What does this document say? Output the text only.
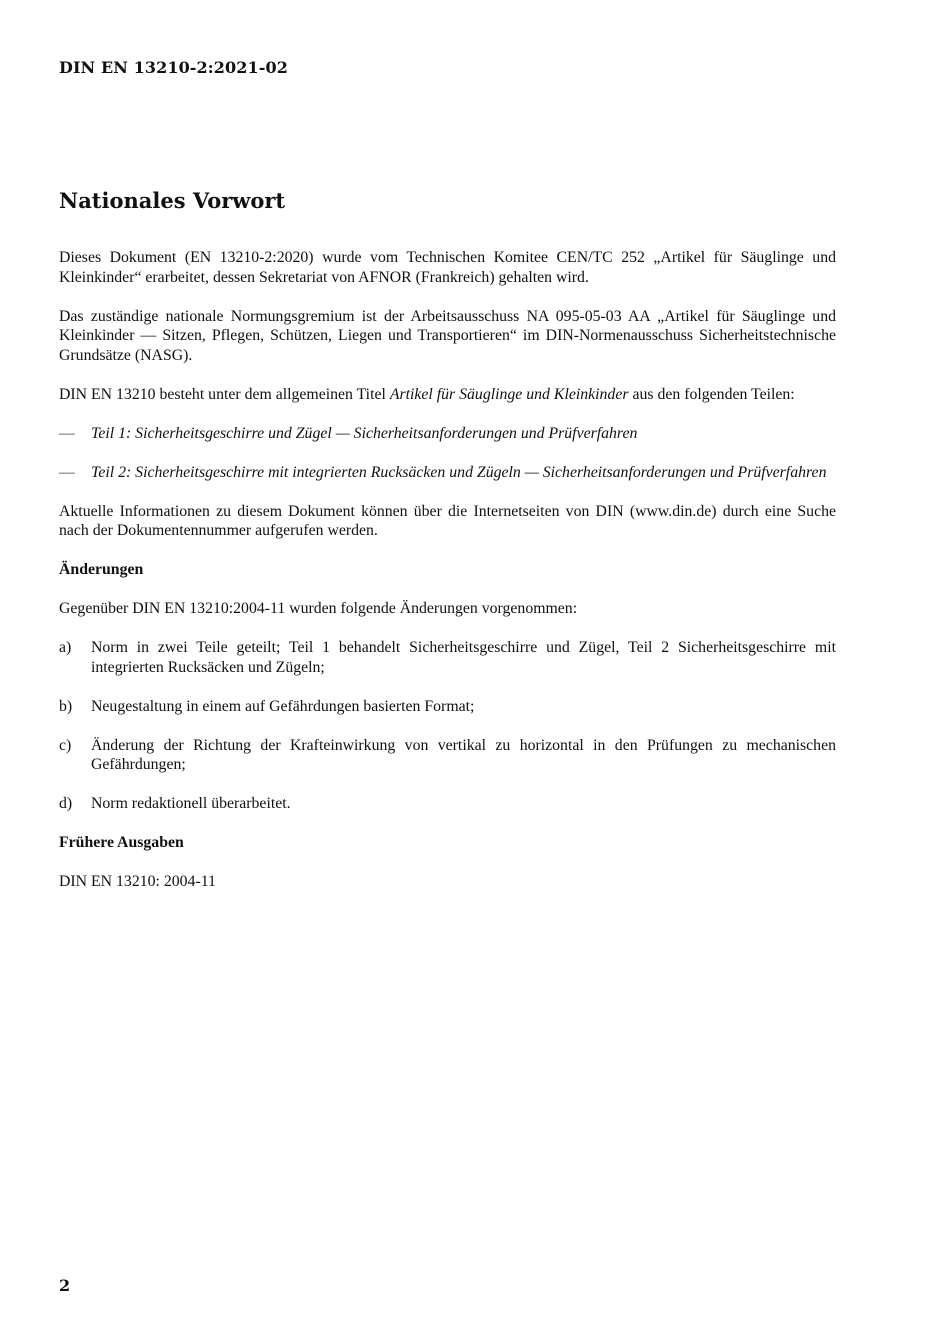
DIN EN 13210-2:2021-02
Nationales Vorwort

Dieses Dokument (EN 13210-2:2020) wurde vom Technischen Komitee CEN/TC 252 „Artikel für Säuglinge und Kleinkinder“ erarbeitet, dessen Sekretariat von AFNOR (Frankreich) gehalten wird.

Das zuständige nationale Normungsgremium ist der Arbeitsausschuss NA 095-05-03 AA „Artikel für Säuglinge und Kleinkinder — Sitzen, Pflegen, Schützen, Liegen und Transportieren“ im DIN-Normenausschuss Sicherheitstechnische Grundsätze (NASG).

DIN EN 13210 besteht unter dem allgemeinen Titel Artikel für Säuglinge und Kleinkinder aus den folgenden Teilen:

— Teil 1: Sicherheitsgeschirre und Zügel — Sicherheitsanforderungen und Prüfverfahren
— Teil 2: Sicherheitsgeschirre mit integrierten Rucksäcken und Zügeln — Sicherheitsanforderungen und Prüfverfahren

Aktuelle Informationen zu diesem Dokument können über die Internetseiten von DIN (www.din.de) durch eine Suche nach der Dokumentennummer aufgerufen werden.

Änderungen

Gegenüber DIN EN 13210:2004-11 wurden folgende Änderungen vorgenommen:

a) Norm in zwei Teile geteilt; Teil 1 behandelt Sicherheitsgeschirre und Zügel, Teil 2 Sicherheitsgeschirre mit integrierten Rucksäcken und Zügeln;
b) Neugestaltung in einem auf Gefährdungen basierten Format;
c) Änderung der Richtung der Krafteinwirkung von vertikal zu horizontal in den Prüfungen zu mechanischen Gefährdungen;
d) Norm redaktionell überarbeitet.
Frühere Ausgaben

DIN EN 13210: 2004-11

2
